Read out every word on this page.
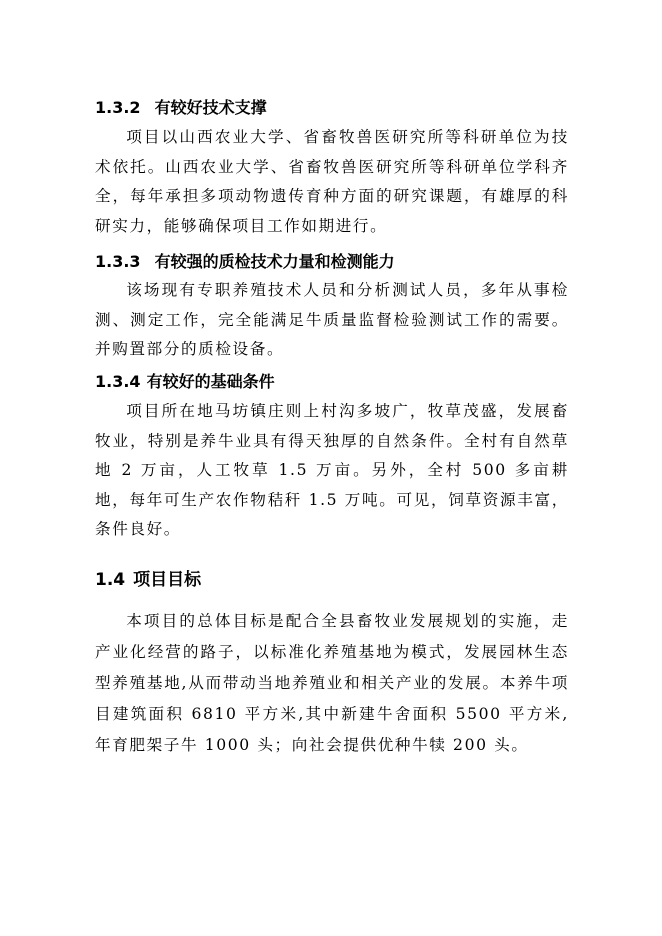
1.3.2 有较好技术支撑

项目以山西农业大学、省畜牧兽医研究所等科研单位为技术依托。山西农业大学、省畜牧兽医研究所等科研单位学科齐全，每年承担多项动物遗传育种方面的研究课题，有雄厚的科研实力，能够确保项目工作如期进行。

1.3.3 有较强的质检技术力量和检测能力

该场现有专职养殖技术人员和分析测试人员，多年从事检测、测定工作，完全能满足牛质量监督检验测试工作的需要。并购置部分的质检设备。

1.3.4 有较好的基础条件

项目所在地马坊镇庄则上村沟多坡广，牧草茂盛，发展畜牧业，特别是养牛业具有得天独厚的自然条件。全村有自然草地 2 万亩，人工牧草 1.5 万亩。另外，全村 500 多亩耕地，每年可生产农作物秸秆 1.5 万吨。可见，饲草资源丰富，条件良好。

1.4 项目目标

本项目的总体目标是配合全县畜牧业发展规划的实施，走产业化经营的路子，以标准化养殖基地为模式，发展园林生态型养殖基地,从而带动当地养殖业和相关产业的发展。本养牛项目建筑面积 6810 平方米,其中新建牛舍面积 5500 平方米,年育肥架子牛 1000 头；向社会提供优种牛犊 200 头。
